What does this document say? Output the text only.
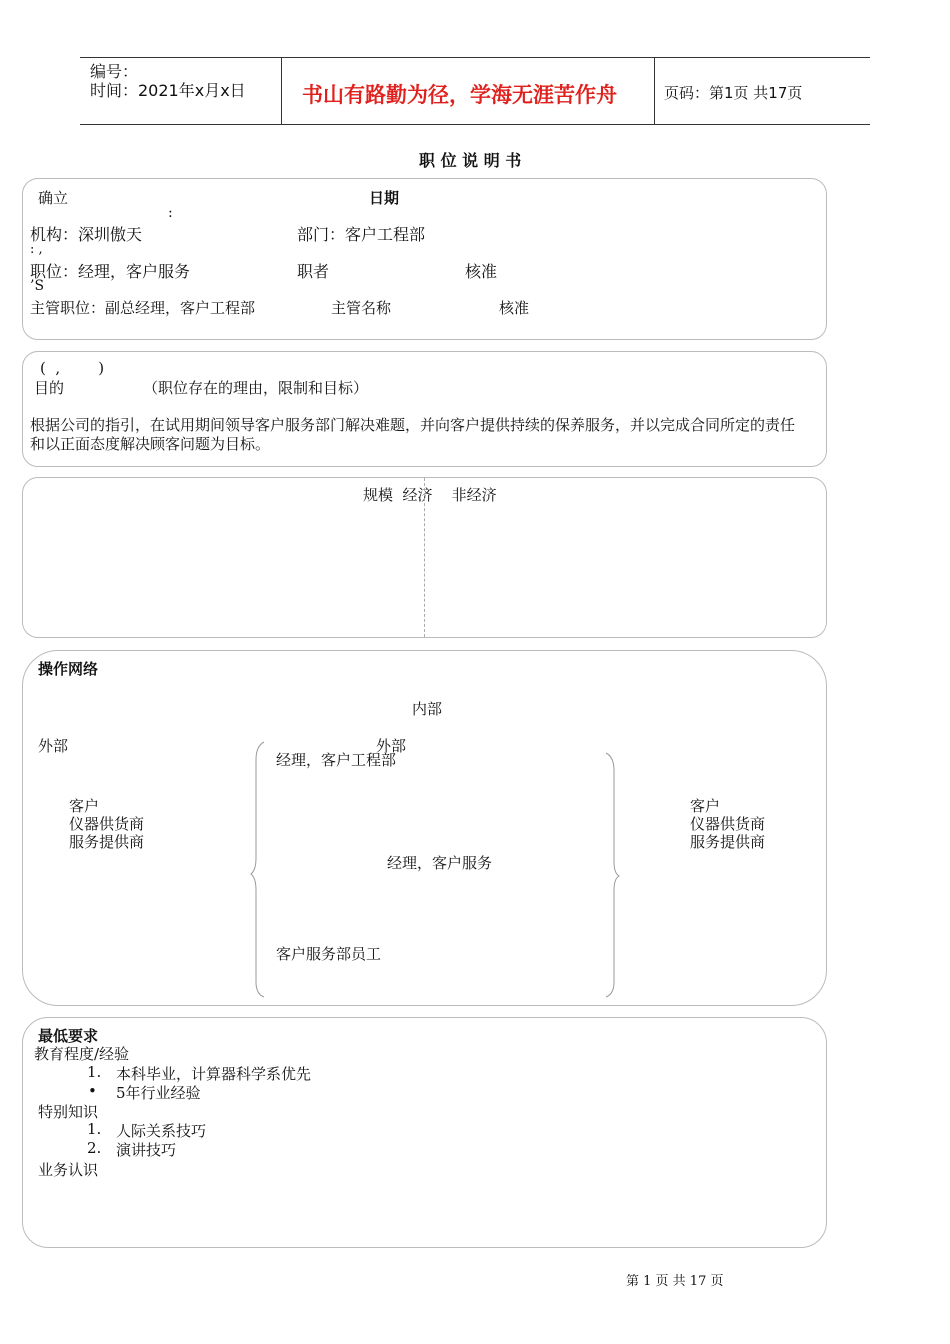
编号：
时间：2021年x月x日	书山有路勤为径，学海无涯苦作舟	页码：第1页 共17页
职 位 说 明 书
确立	日期
:
机构：深圳傲天	部门：客户工程部
: ,
职位：经理，客户服务	职者	核准
’S
主管职位：副总经理，客户工程部	主管名称	核准
(  ,        )
目的	（职位存在的理由，限制和目标）
根据公司的指引，在试用期间领导客户服务部门解决难题，并向客户提供持续的保养服务，并以完成合同所定的责任
和以正面态度解决顾客问题为目标。
规模  经济    非经济
操作网络
内部
外部	外部
客户
仪器供货商
服务提供商
客户
仪器供货商
服务提供商
经理，客户工程部
经理，客户服务
客户服务部员工
最低要求
教育程度/经验
1. 本科毕业，计算器科学系优先
• 5年行业经验
特别知识
1. 人际关系技巧
2. 演讲技巧
业务认识
第 1 页 共 17 页
